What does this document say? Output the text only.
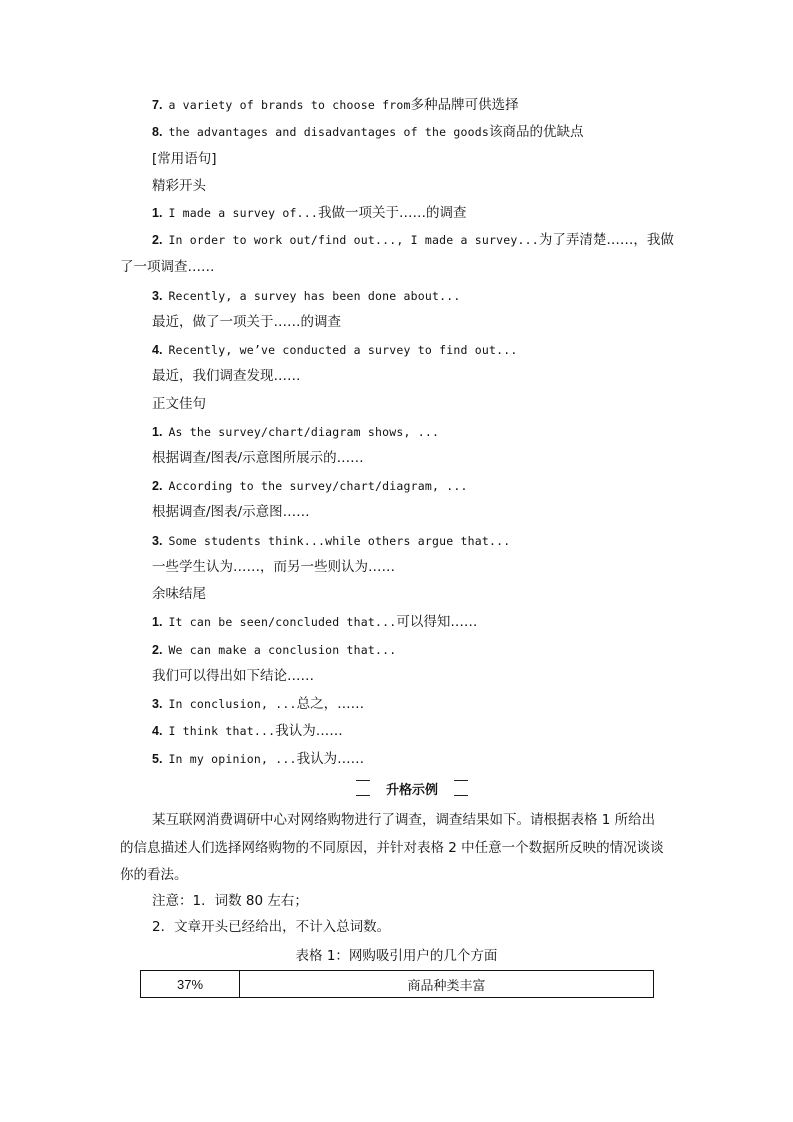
7. a variety of brands to choose from多种品牌可供选择
8. the advantages and disadvantages of the goods该商品的优缺点
[常用语句]
精彩开头
1. I made a survey of...我做一项关于……的调查
2. In order to work out/find out..., I made a survey...为了弄清楚……，我做
了一项调查……
3. Recently, a survey has been done about...
最近，做了一项关于……的调查
4. Recently, we’ve conducted a survey to find out...
最近，我们调查发现……
正文佳句
1. As the survey/chart/diagram shows, ...
根据调查/图表/示意图所展示的……
2. According to the survey/chart/diagram, ...
根据调查/图表/示意图……
3. Some students think...while others argue that...
一些学生认为……，而另一些则认为……
余味结尾
1. It can be seen/concluded that...可以得知……
2. We can make a conclusion that...
我们可以得出如下结论……
3. In conclusion, ...总之，……
4. I think that...我认为……
5. In my opinion, ...我认为……
升格示例
某互联网消费调研中心对网络购物进行了调查，调查结果如下。请根据表格 1 所给出
的信息描述人们选择网络购物的不同原因，并针对表格 2 中任意一个数据所反映的情况谈谈
你的看法。
注意：1．词数 80 左右；
2．文章开头已经给出，不计入总词数。
表格 1：网购吸引用户的几个方面
37%	商品种类丰富
